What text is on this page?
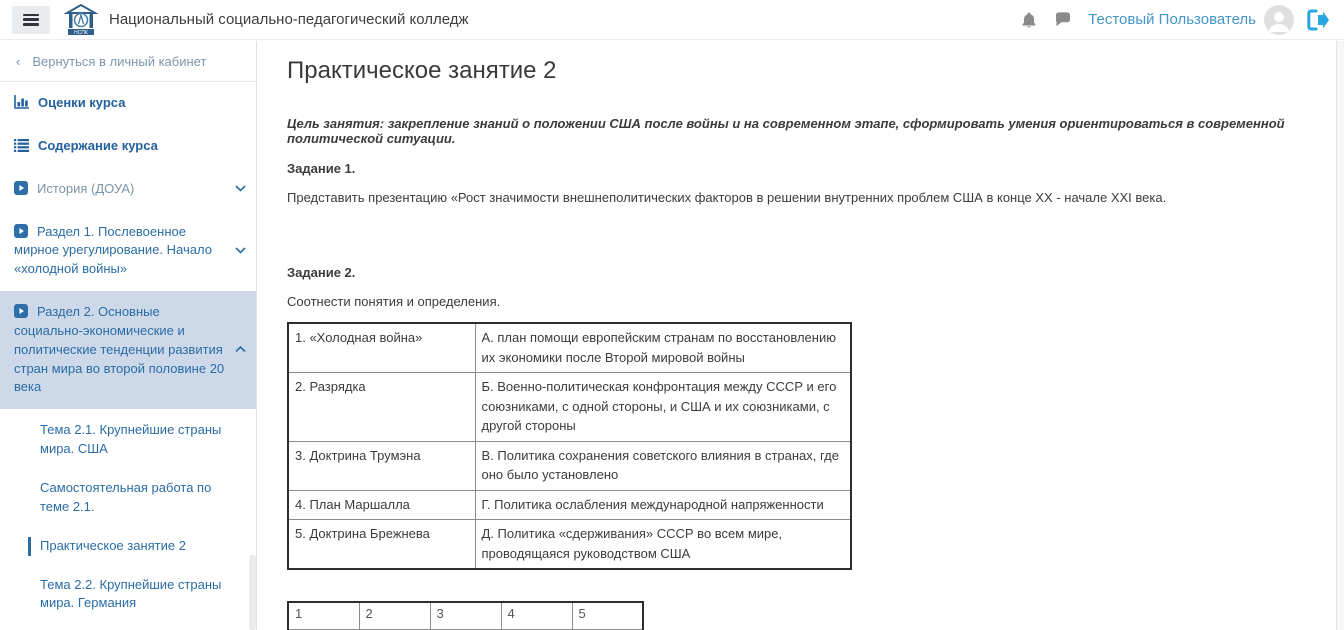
НСПК
Национальный социально-педагогический колледж	Тестовый Пользователь
‹ Вернуться в личный кабинет
Оценки курса
Содержание курса
История (ДОУА)
Раздел 1. Послевоенное мирное урегулирование. Начало «холодной войны»
Раздел 2. Основные социально-экономические и политические тенденции развития стран мира во второй половине 20 века
Тема 2.1. Крупнейшие страны мира. США
Самостоятельная работа по теме 2.1.
Практическое занятие 2
Тема 2.2. Крупнейшие страны мира. Германия
Практическое занятие 2

Цель занятия: закрепление знаний о положении США после войны и на современном этапе, сформировать умения ориентироваться в современной политической ситуации.

Задание 1.

Представить презентацию «Рост значимости внешнеполитических факторов в решении внутренних проблем США в конце XX - начале XXI века.

Задание 2.

Соотнести понятия и определения.

1. «Холодная война»	А. план помощи европейским странам по восстановлению их экономики после Второй мировой войны
2. Разрядка	Б. Военно-политическая конфронтация между СССР и его союзниками, с одной стороны, и США и их союзниками, с другой стороны
3. Доктрина Трумэна	В. Политика сохранения советского влияния в странах, где оно было установлено
4. План Маршалла	Г. Политика ослабления международной напряженности
5. Доктрина Брежнева	Д. Политика «сдерживания» СССР во всем мире, проводящаяся руководством США
1	2	3	4	5
